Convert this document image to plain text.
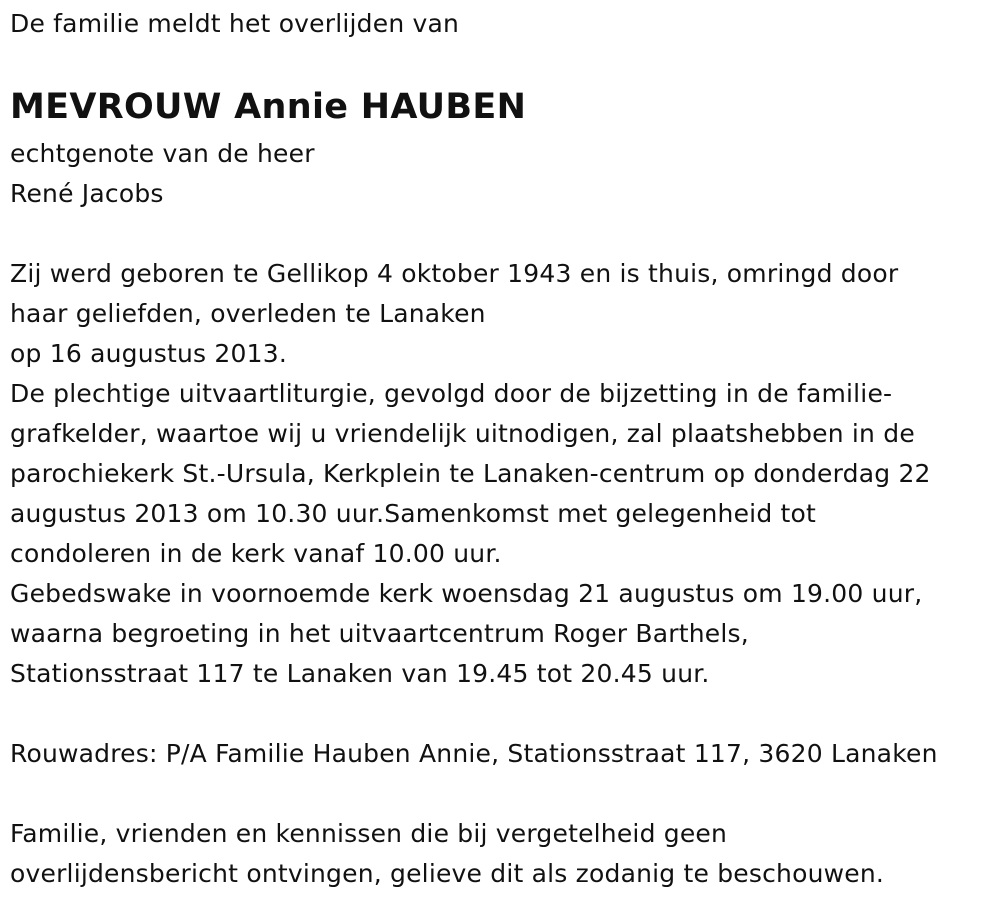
De familie meldt het overlijden van
MEVROUW Annie HAUBEN
echtgenote van de heer
René Jacobs
Zij werd geboren te Gellikop 4 oktober 1943 en is thuis, omringd door
haar geliefden, overleden te Lanaken
op 16 augustus 2013.
De plechtige uitvaartliturgie, gevolgd door de bijzetting in de familie-
grafkelder, waartoe wij u vriendelijk uitnodigen, zal plaatshebben in de
parochiekerk St.-Ursula, Kerkplein te Lanaken-centrum op donderdag 22
augustus 2013 om 10.30 uur.Samenkomst met gelegenheid tot
condoleren in de kerk vanaf 10.00 uur.
Gebedswake in voornoemde kerk woensdag 21 augustus om 19.00 uur,
waarna begroeting in het uitvaartcentrum Roger Barthels,
Stationsstraat 117 te Lanaken van 19.45 tot 20.45 uur.
Rouwadres: P/A Familie Hauben Annie, Stationsstraat 117, 3620 Lanaken
Familie, vrienden en kennissen die bij vergetelheid geen
overlijdensbericht ontvingen, gelieve dit als zodanig te beschouwen.
